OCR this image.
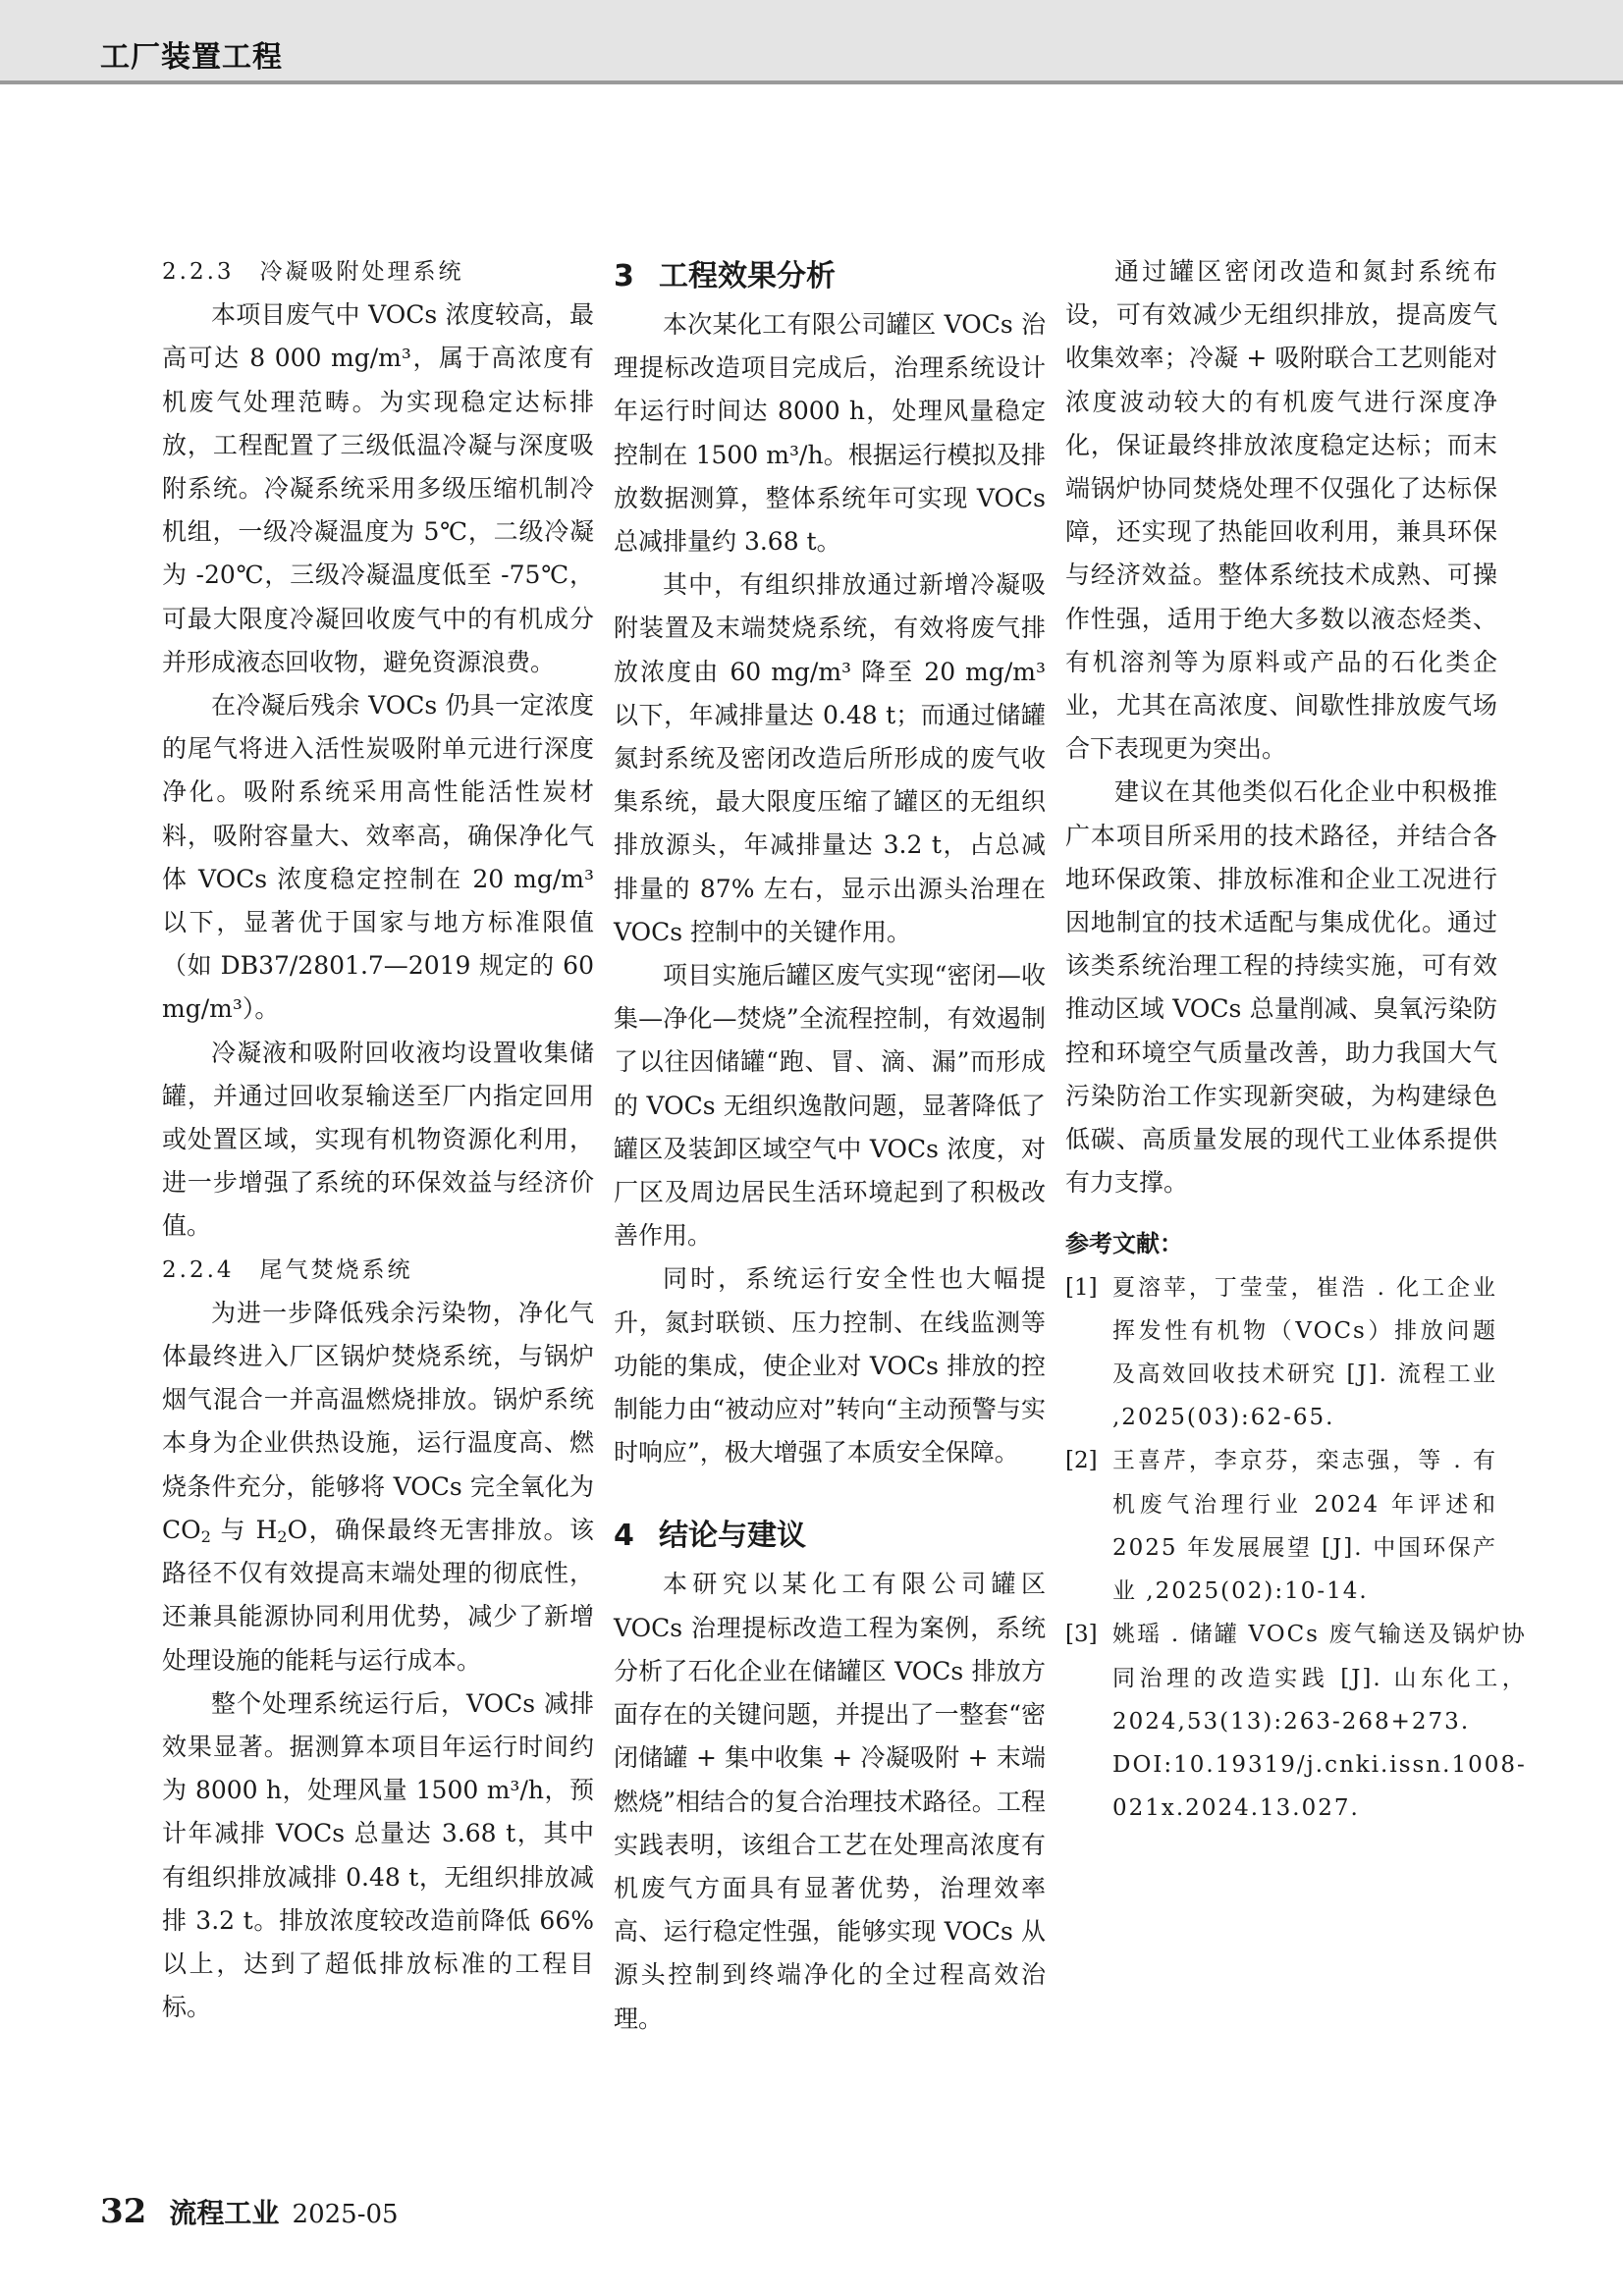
工厂装置工程

2.2.3　冷凝吸附处理系统

本项目废气中 VOCs 浓度较高，最高可达 8 000 mg/m³，属于高浓度有机废气处理范畴。为实现稳定达标排放，工程配置了三级低温冷凝与深度吸附系统。冷凝系统采用多级压缩机制冷机组，一级冷凝温度为 5℃，二级冷凝为 -20℃，三级冷凝温度低至 -75℃，可最大限度冷凝回收废气中的有机成分并形成液态回收物，避免资源浪费。

在冷凝后残余 VOCs 仍具一定浓度的尾气将进入活性炭吸附单元进行深度净化。吸附系统采用高性能活性炭材料，吸附容量大、效率高，确保净化气体 VOCs 浓度稳定控制在 20 mg/m³ 以下，显著优于国家与地方标准限值（如 DB37/2801.7—2019 规定的 60 mg/m³）。

冷凝液和吸附回收液均设置收集储罐，并通过回收泵输送至厂内指定回用或处置区域，实现有机物资源化利用，进一步增强了系统的环保效益与经济价值。

2.2.4　尾气焚烧系统

为进一步降低残余污染物，净化气体最终进入厂区锅炉焚烧系统，与锅炉烟气混合一并高温燃烧排放。锅炉系统本身为企业供热设施，运行温度高、燃烧条件充分，能够将 VOCs 完全氧化为 $CO_2$ 与 $H_2O$，确保最终无害排放。该路径不仅有效提高末端处理的彻底性，还兼具能源协同利用优势，减少了新增处理设施的能耗与运行成本。

整个处理系统运行后，VOCs 减排效果显著。据测算本项目年运行时间约为 8000 h，处理风量 1500 m³/h，预计年减排 VOCs 总量达 3.68 t，其中有组织排放减排 0.48 t，无组织排放减排 3.2 t。排放浓度较改造前降低 66% 以上，达到了超低排放标准的工程目标。

3 工程效果分析

本次某化工有限公司罐区 VOCs 治理提标改造项目完成后，治理系统设计年运行时间达 8000 h，处理风量稳定控制在 1500 m³/h。根据运行模拟及排放数据测算，整体系统年可实现 VOCs 总减排量约 3.68 t。

其中，有组织排放通过新增冷凝吸附装置及末端焚烧系统，有效将废气排放浓度由 60 mg/m³ 降至 20 mg/m³ 以下，年减排量达 0.48 t；而通过储罐氮封系统及密闭改造后所形成的废气收集系统，最大限度压缩了罐区的无组织排放源头，年减排量达 3.2 t，占总减排量的 87% 左右，显示出源头治理在 VOCs 控制中的关键作用。

项目实施后罐区废气实现“密闭—收集—净化—焚烧”全流程控制，有效遏制了以往因储罐“跑、冒、滴、漏”而形成的 VOCs 无组织逸散问题，显著降低了罐区及装卸区域空气中 VOCs 浓度，对厂区及周边居民生活环境起到了积极改善作用。

同时，系统运行安全性也大幅提升，氮封联锁、压力控制、在线监测等功能的集成，使企业对 VOCs 排放的控制能力由“被动应对”转向“主动预警与实时响应”，极大增强了本质安全保障。

4 结论与建议

本研究以某化工有限公司罐区 VOCs 治理提标改造工程为案例，系统分析了石化企业在储罐区 VOCs 排放方面存在的关键问题，并提出了一整套“密闭储罐 + 集中收集 + 冷凝吸附 + 末端燃烧”相结合的复合治理技术路径。工程实践表明，该组合工艺在处理高浓度有机废气方面具有显著优势，治理效率高、运行稳定性强，能够实现 VOCs 从源头控制到终端净化的全过程高效治理。

通过罐区密闭改造和氮封系统布设，可有效减少无组织排放，提高废气收集效率；冷凝 + 吸附联合工艺则能对浓度波动较大的有机废气进行深度净化，保证最终排放浓度稳定达标；而末端锅炉协同焚烧处理不仅强化了达标保障，还实现了热能回收利用，兼具环保与经济效益。整体系统技术成熟、可操作性强，适用于绝大多数以液态烃类、有机溶剂等为原料或产品的石化类企业，尤其在高浓度、间歇性排放废气场合下表现更为突出。

建议在其他类似石化企业中积极推广本项目所采用的技术路径，并结合各地环保政策、排放标准和企业工况进行因地制宜的技术适配与集成优化。通过该类系统治理工程的持续实施，可有效推动区域 VOCs 总量削减、臭氧污染防控和环境空气质量改善，助力我国大气污染防治工作实现新突破，为构建绿色低碳、高质量发展的现代工业体系提供有力支撑。

参考文献：

[1] 夏溶苹，丁莹莹，崔浩 . 化工企业挥发性有机物（VOCs）排放问题及高效回收技术研究 [J]. 流程工业 ,2025(03):62-65.
[2] 王喜芹，李京芬，栾志强，等 . 有机废气治理行业 2024 年评述和 2025 年发展展望 [J]. 中国环保产业 ,2025(02):10-14.
[3] 姚瑶 . 储罐 VOCs 废气输送及锅炉协同治理的改造实践 [J]. 山东化工，2024,53(13):263-268+273. DOI:10.19319/j.cnki.issn.1008-021x.2024.13.027.
32 流程工业 2025-05
